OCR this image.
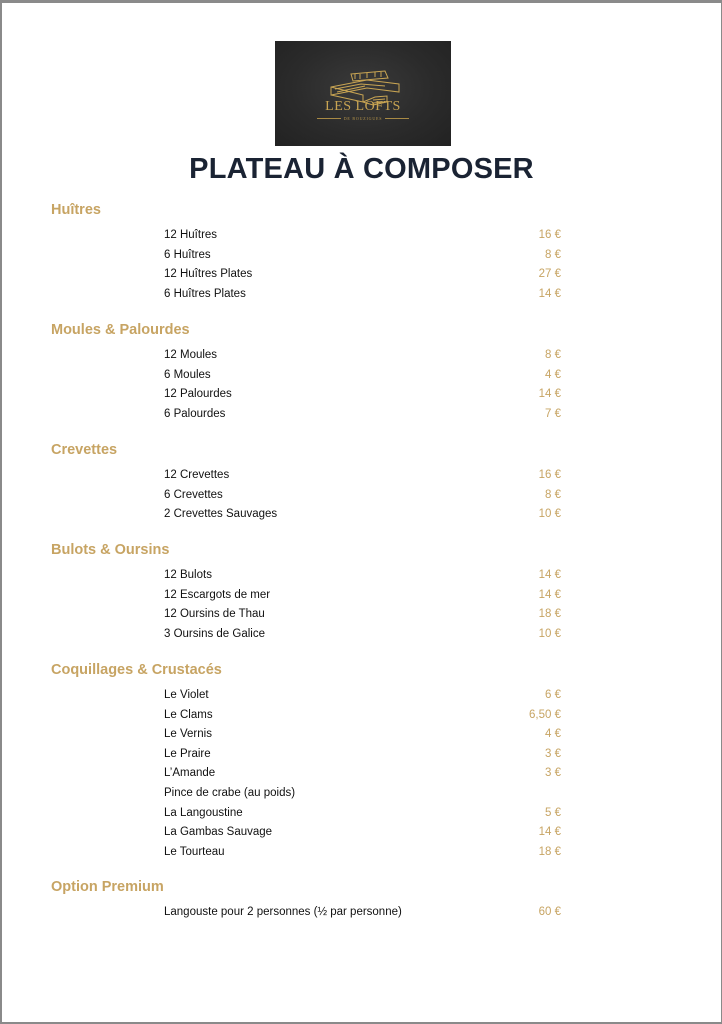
LES LOFTS
DE BOUZIGUES
PLATEAU À COMPOSER
Huîtres
12 Huîtres	16 €
6 Huîtres	8 €
12 Huîtres Plates	27 €
6 Huîtres Plates	14 €
Moules & Palourdes
12 Moules	8 €
6 Moules	4 €
12 Palourdes	14 €
6 Palourdes	7 €
Crevettes
12 Crevettes	16 €
6 Crevettes	8 €
2 Crevettes Sauvages	10 €
Bulots & Oursins
12 Bulots	14 €
12 Escargots de mer	14 €
12 Oursins de Thau	18 €
3 Oursins de Galice	10 €
Coquillages & Crustacés
Le Violet	6 €
Le Clams	6,50 €
Le Vernis	4 €
Le Praire	3 €
L’Amande	3 €
Pince de crabe (au poids)
La Langoustine	5 €
La Gambas Sauvage	14 €
Le Tourteau	18 €
Option Premium
Langouste pour 2 personnes (½ par personne)	60 €
